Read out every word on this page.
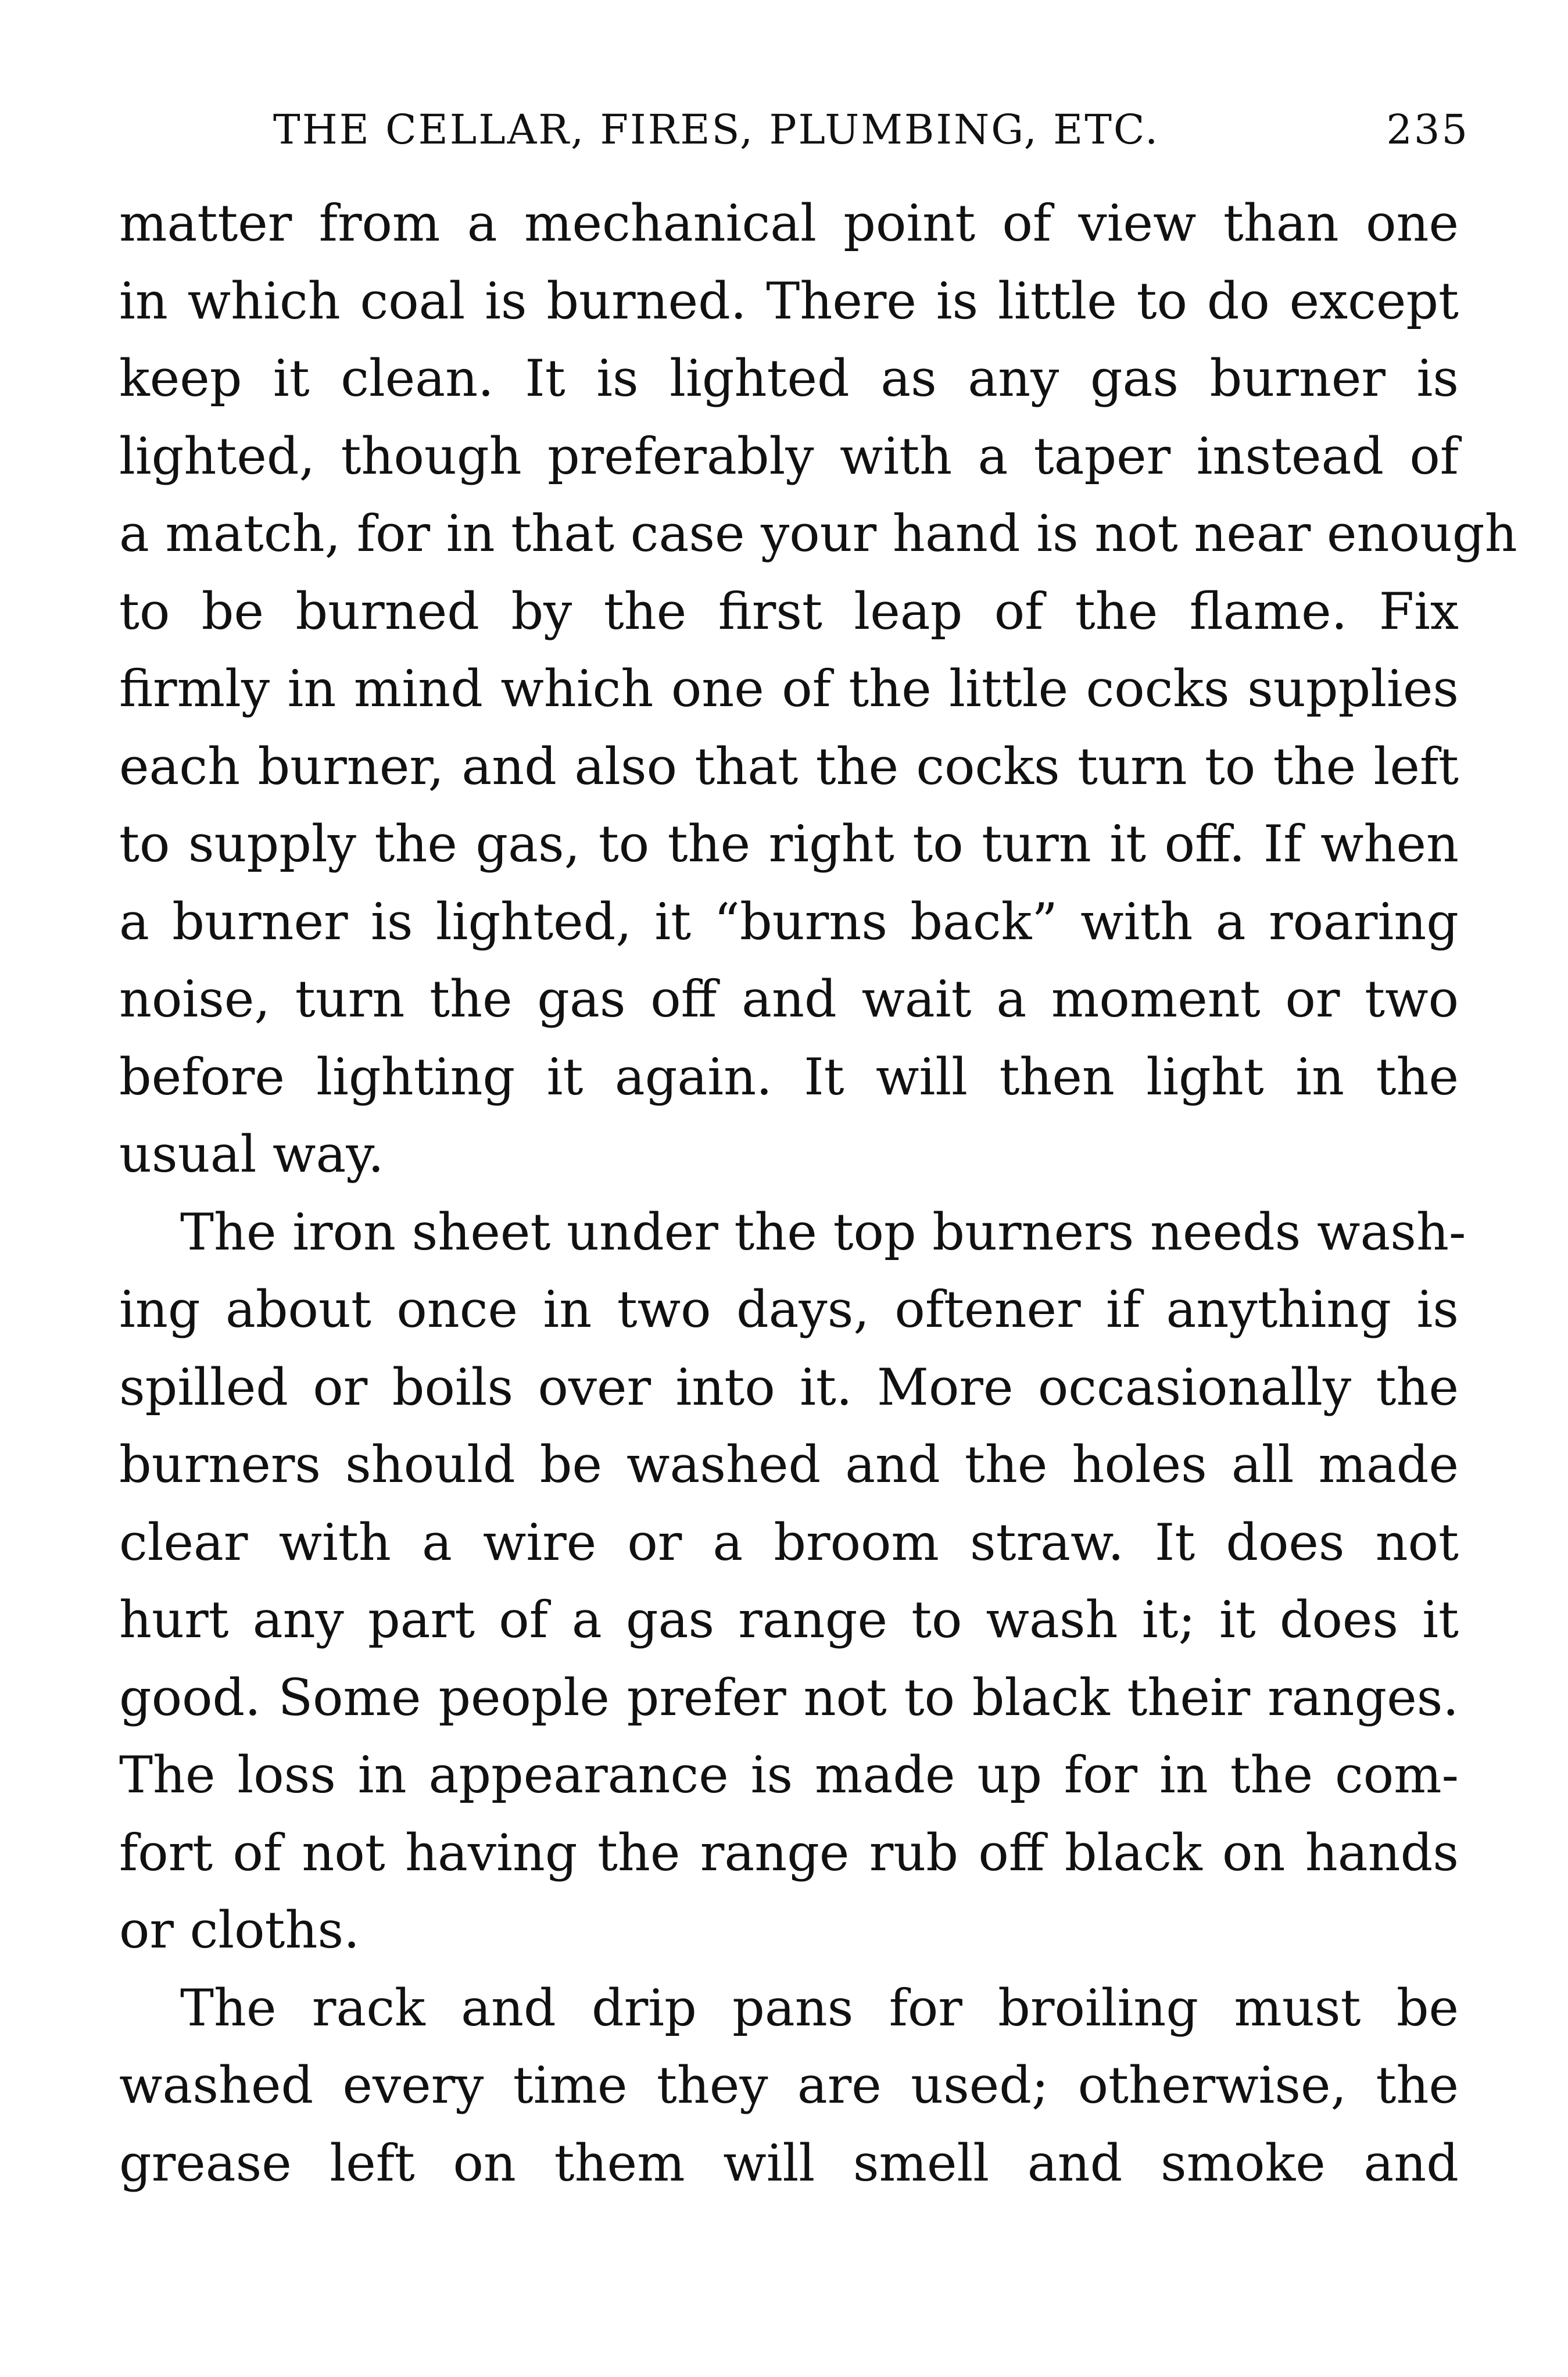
THE CELLAR, FIRES, PLUMBING, ETC.	235
matter from a mechanical point of view than one
in which coal is burned. There is little to do except
keep it clean. It is lighted as any gas burner is
lighted, though preferably with a taper instead of
a match, for in that case your hand is not near enough
to be burned by the first leap of the flame. Fix
firmly in mind which one of the little cocks supplies
each burner, and also that the cocks turn to the left
to supply the gas, to the right to turn it off. If when
a burner is lighted, it “burns back” with a roaring
noise, turn the gas off and wait a moment or two
before lighting it again. It will then light in the
usual way.
The iron sheet under the top burners needs wash-
ing about once in two days, oftener if anything is
spilled or boils over into it. More occasionally the
burners should be washed and the holes all made
clear with a wire or a broom straw. It does not
hurt any part of a gas range to wash it; it does it
good. Some people prefer not to black their ranges.
The loss in appearance is made up for in the com-
fort of not having the range rub off black on hands
or cloths.
The rack and drip pans for broiling must be
washed every time they are used; otherwise, the
grease left on them will smell and smoke and
